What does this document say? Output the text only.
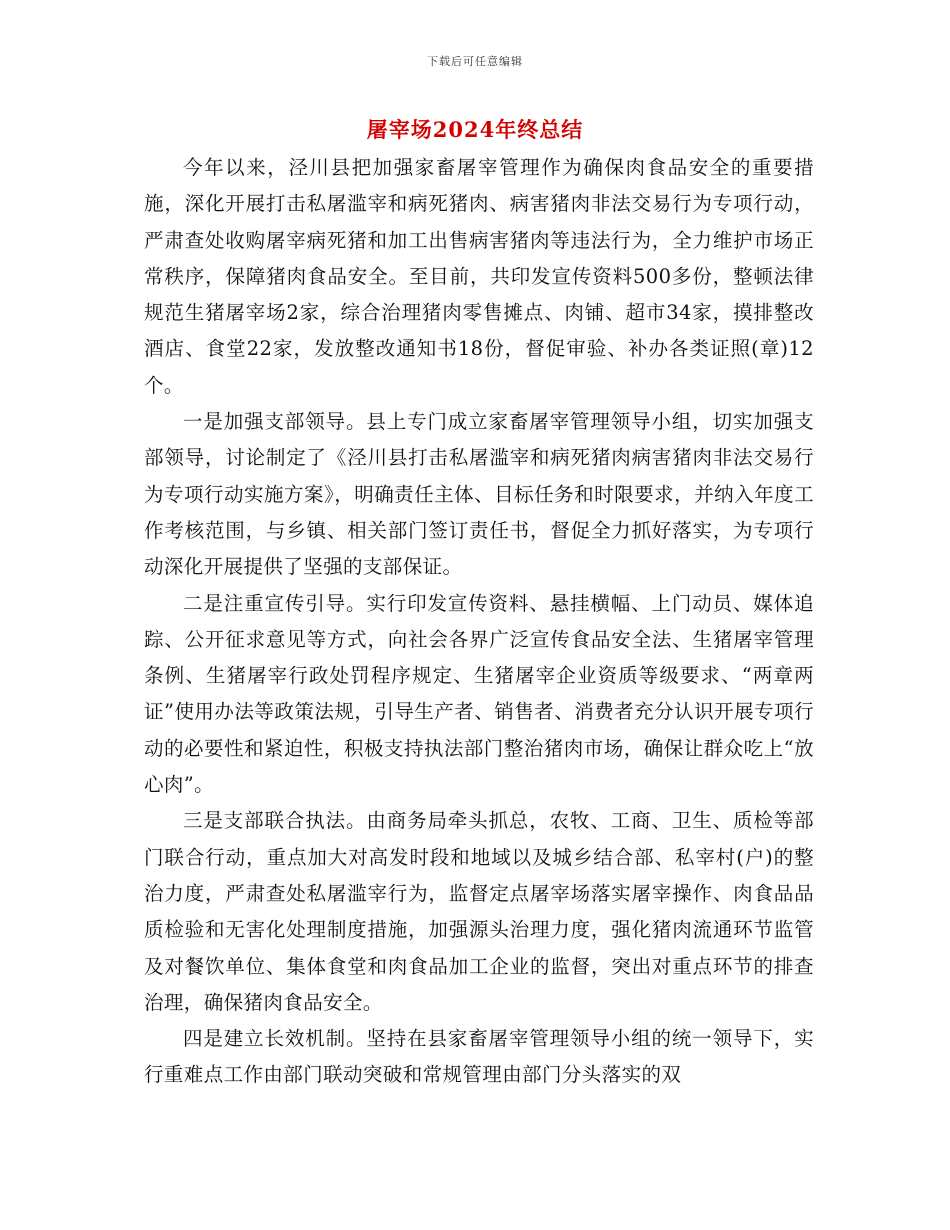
下载后可任意编辑
屠宰场2024年终总结

今年以来，泾川县把加强家畜屠宰管理作为确保肉食品安全的重要措施，深化开展打击私屠滥宰和病死猪肉、病害猪肉非法交易行为专项行动，严肃查处收购屠宰病死猪和加工出售病害猪肉等违法行为，全力维护市场正常秩序，保障猪肉食品安全。至目前，共印发宣传资料500多份，整顿法律规范生猪屠宰场2家，综合治理猪肉零售摊点、肉铺、超市34家，摸排整改酒店、食堂22家，发放整改通知书18份，督促审验、补办各类证照(章)12个。

一是加强支部领导。县上专门成立家畜屠宰管理领导小组，切实加强支部领导，讨论制定了《泾川县打击私屠滥宰和病死猪肉病害猪肉非法交易行为专项行动实施方案》，明确责任主体、目标任务和时限要求，并纳入年度工作考核范围，与乡镇、相关部门签订责任书，督促全力抓好落实，为专项行动深化开展提供了坚强的支部保证。

二是注重宣传引导。实行印发宣传资料、悬挂横幅、上门动员、媒体追踪、公开征求意见等方式，向社会各界广泛宣传食品安全法、生猪屠宰管理条例、生猪屠宰行政处罚程序规定、生猪屠宰企业资质等级要求、“两章两证”使用办法等政策法规，引导生产者、销售者、消费者充分认识开展专项行动的必要性和紧迫性，积极支持执法部门整治猪肉市场，确保让群众吃上“放心肉”。

三是支部联合执法。由商务局牵头抓总，农牧、工商、卫生、质检等部门联合行动，重点加大对高发时段和地域以及城乡结合部、私宰村(户)的整治力度，严肃查处私屠滥宰行为，监督定点屠宰场落实屠宰操作、肉食品品质检验和无害化处理制度措施，加强源头治理力度，强化猪肉流通环节监管及对餐饮单位、集体食堂和肉食品加工企业的监督，突出对重点环节的排查治理，确保猪肉食品安全。

四是建立长效机制。坚持在县家畜屠宰管理领导小组的统一领导下，实行重难点工作由部门联动突破和常规管理由部门分头落实的双
